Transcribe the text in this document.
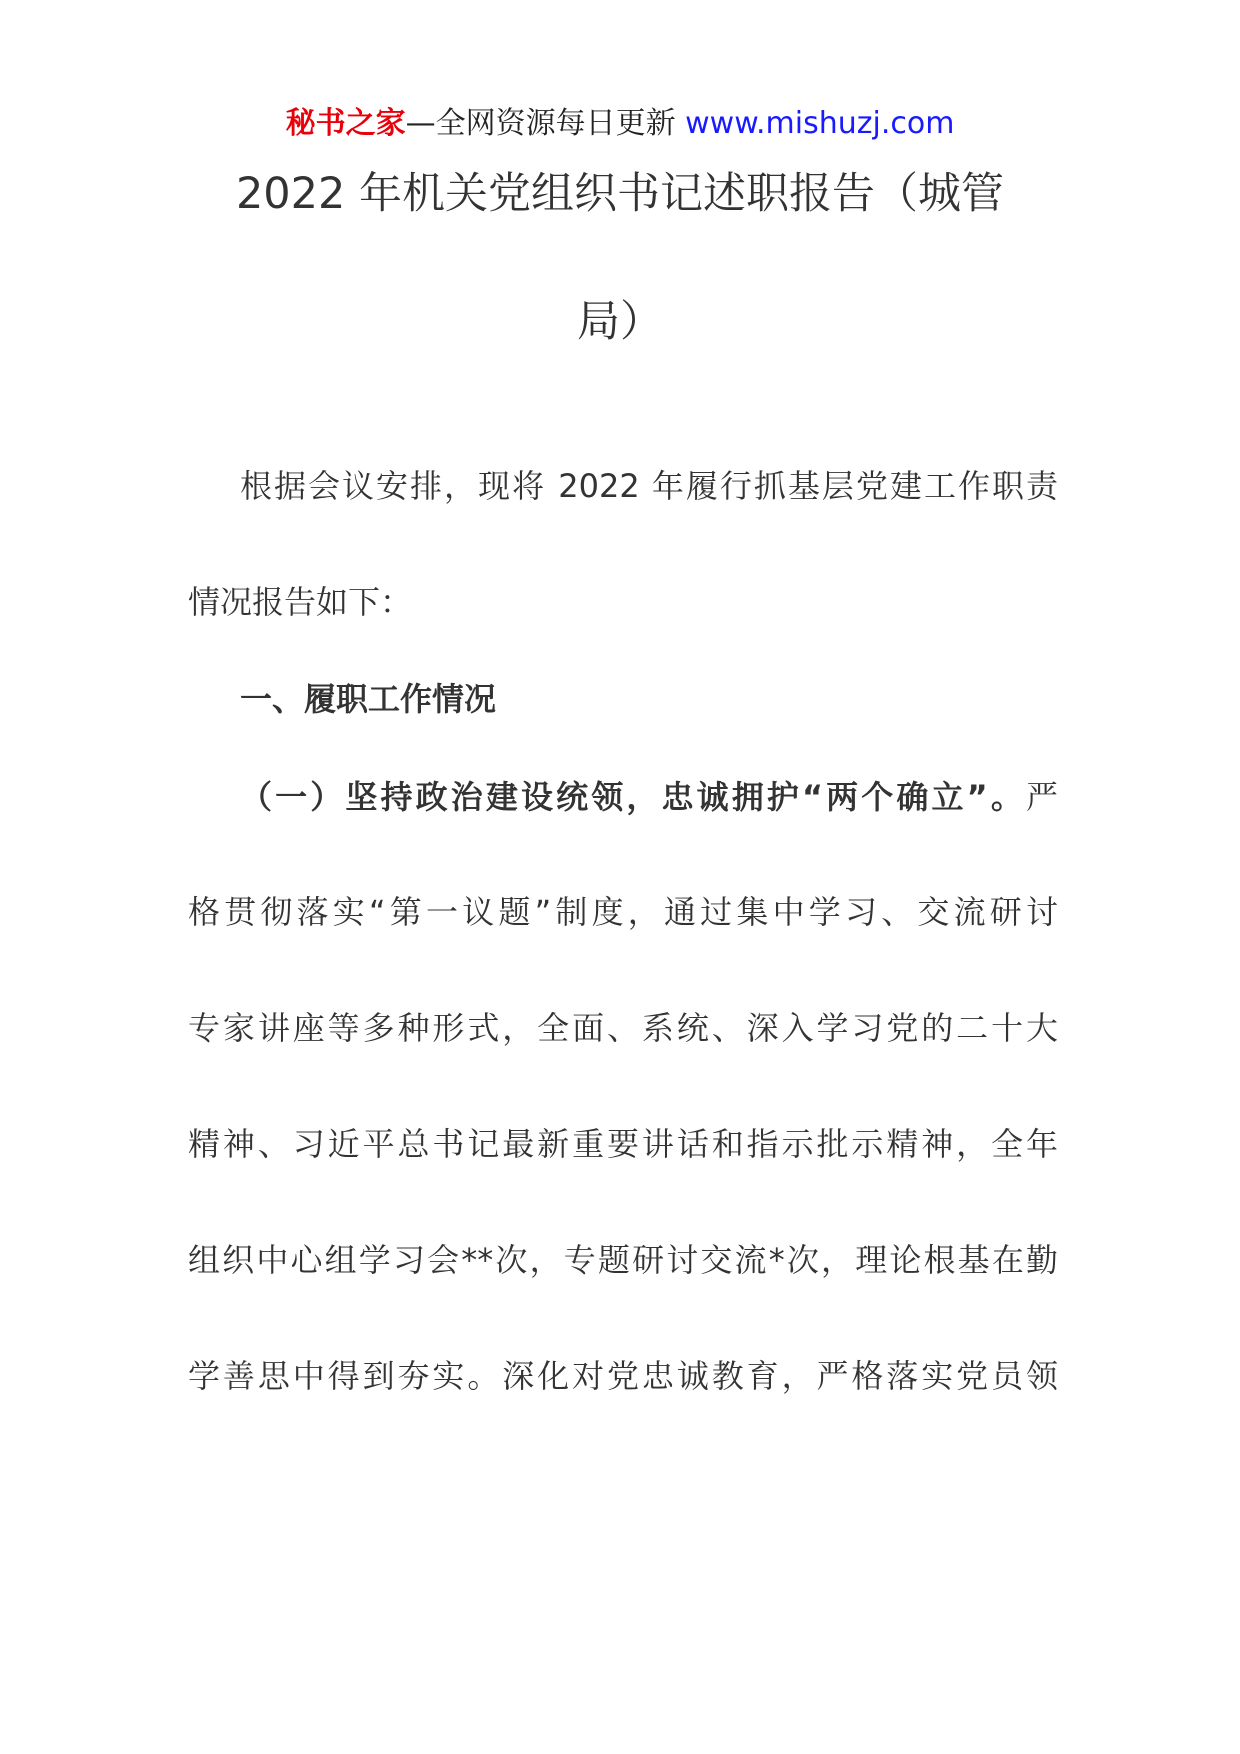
秘书之家—全网资源每日更新 www.mishuzj.com
2022 年机关党组织书记述职报告（城管
局）
根据会议安排，现将 2022 年履行抓基层党建工作职责
情况报告如下：
一、履职工作情况
（一）坚持政治建设统领，忠诚拥护“两个确立”。严
格贯彻落实“第一议题”制度，通过集中学习、交流研讨
专家讲座等多种形式，全面、系统、深入学习党的二十大
精神、习近平总书记最新重要讲话和指示批示精神，全年
组织中心组学习会**次，专题研讨交流*次，理论根基在勤
学善思中得到夯实。深化对党忠诚教育，严格落实党员领
